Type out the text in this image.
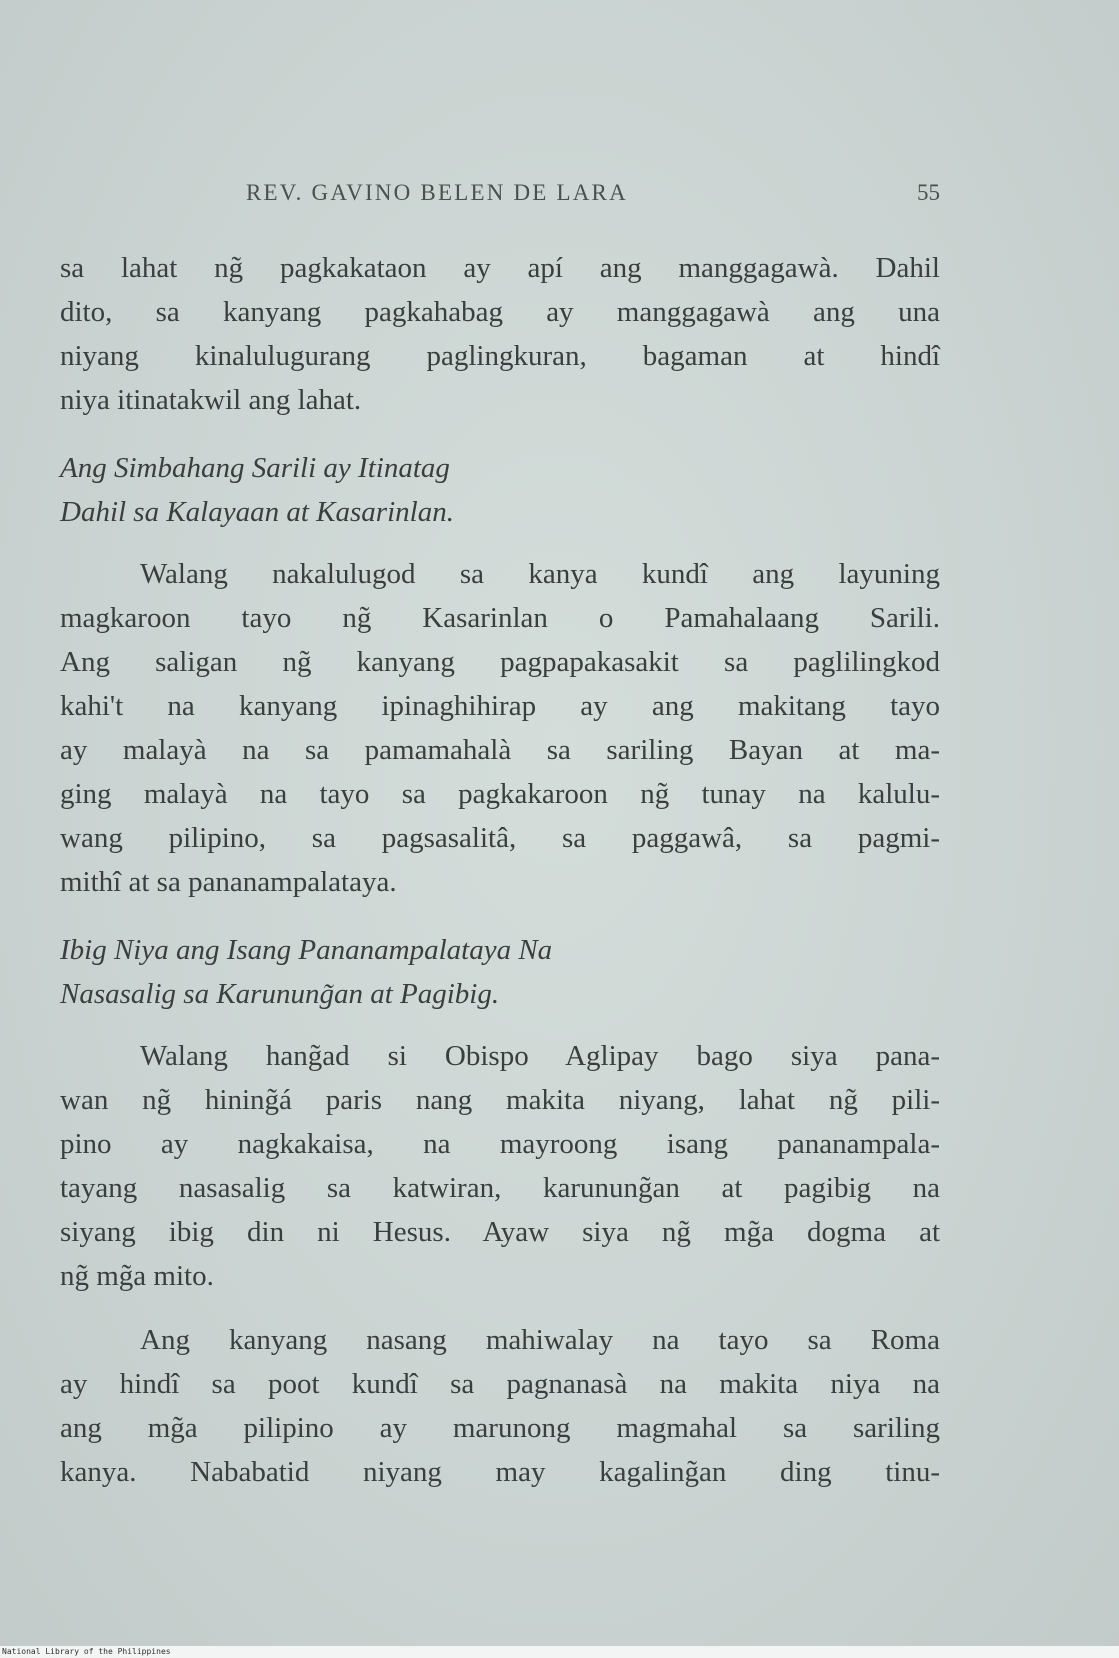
REV. GAVINO BELEN DE LARA	55
sa lahat ng̃ pagkakataon ay apí ang manggagawà. Dahil
dito, sa kanyang pagkahabag ay manggagawà ang una
niyang kinalulugurang paglingkuran, bagaman at hindî
niya itinatakwil ang lahat.
Ang Simbahang Sarili ay Itinatag
Dahil sa Kalayaan at Kasarinlan.
Walang nakalulugod sa kanya kundî ang layuning
magkaroon tayo ng̃ Kasarinlan o Pamahalaang Sarili.
Ang saligan ng̃ kanyang pagpapakasakit sa paglilingkod
kahi't na kanyang ipinaghihirap ay ang makitang tayo
ay malayà na sa pamamahalà sa sariling Bayan at ma-
ging malayà na tayo sa pagkakaroon ng̃ tunay na kalulu-
wang pilipino, sa pagsasalitâ, sa paggawâ, sa pagmi-
mithî at sa pananampalataya.
Ibig Niya ang Isang Pananampalataya Na
Nasasalig sa Karunung̃an at Pagibig.
Walang hang̃ad si Obispo Aglipay bago siya pana-
wan ng̃ hining̃á paris nang makita niyang, lahat ng̃ pili-
pino ay nagkakaisa, na mayroong isang pananampala-
tayang nasasalig sa katwiran, karunung̃an at pagibig na
siyang ibig din ni Hesus. Ayaw siya ng̃ mg̃a dogma at
ng̃ mg̃a mito.
Ang kanyang nasang mahiwalay na tayo sa Roma
ay hindî sa poot kundî sa pagnanasà na makita niya na
ang mg̃a pilipino ay marunong magmahal sa sariling
kanya. Nababatid niyang may kagaling̃an ding tinu-
National Library of the Philippines
